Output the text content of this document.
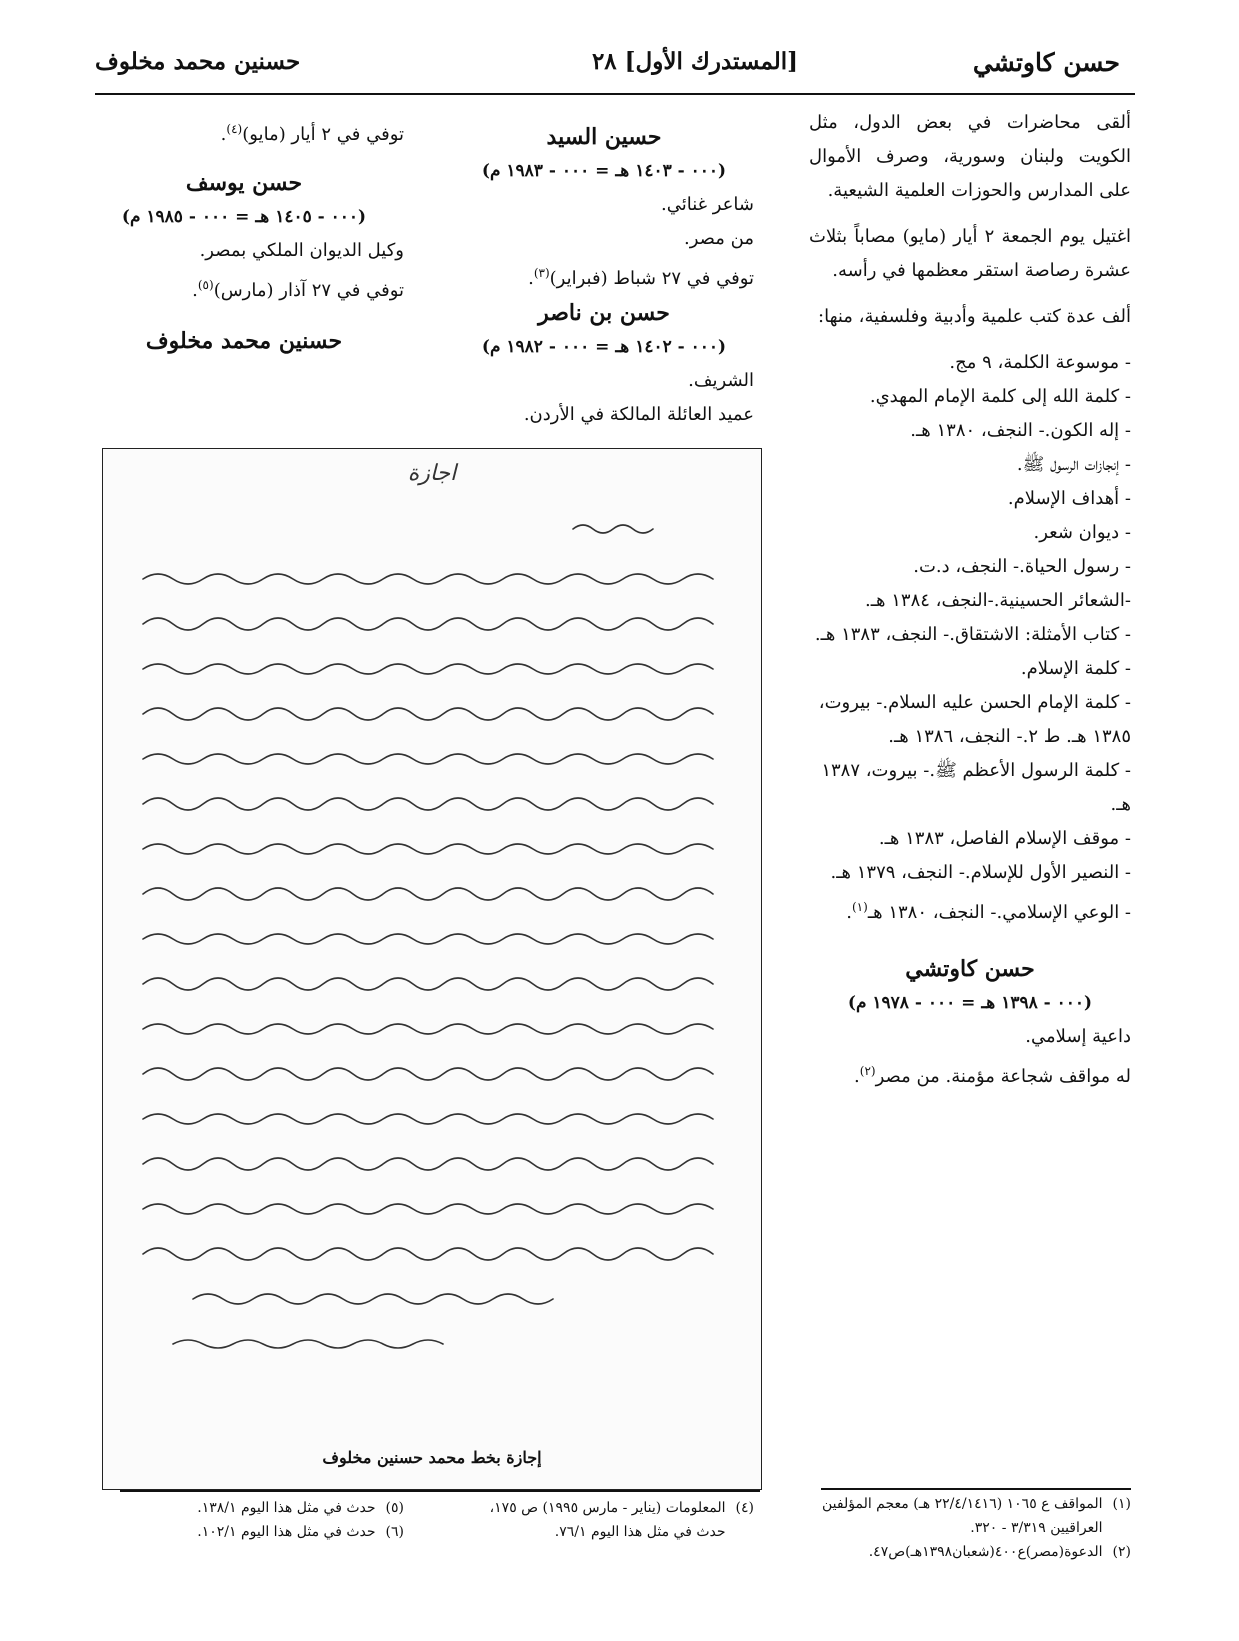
حسن كاوتشي
[المستدرك الأول] ٢٨
حسنين محمد مخلوف

ألقى محاضرات في بعض الدول، مثل الكويت ولبنان وسورية، وصرف الأموال على المدارس والحوزات العلمية الشيعية.

اغتيل يوم الجمعة ٢ أيار (مايو) مصاباً بثلاث عشرة رصاصة استقر معظمها في رأسه.

ألف عدة كتب علمية وأدبية وفلسفية، منها:

- موسوعة الكلمة، ٩ مج.

- كلمة الله إلى كلمة الإمام المهدي.

- إله الكون.- النجف، ١٣٨٠ هـ.

- إنجازات الرسول ﷺ.

- أهداف الإسلام.

- ديوان شعر.

- رسول الحياة.- النجف، د.ت.

-الشعائر الحسينية.-النجف، ١٣٨٤ هـ.

- كتاب الأمثلة: الاشتقاق.- النجف، ١٣٨٣ هـ.

- كلمة الإسلام.

- كلمة الإمام الحسن عليه السلام.- بيروت، ١٣٨٥ هـ. ط ٢.- النجف، ١٣٨٦ هـ.

- كلمة الرسول الأعظم ﷺ.- بيروت، ١٣٨٧ هـ.

- موقف الإسلام الفاصل، ١٣٨٣ هـ.

- النصير الأول للإسلام.- النجف، ١٣٧٩ هـ.

- الوعي الإسلامي.- النجف، ١٣٨٠ هـ$^{(١)}$.

حسن كاوتشي

(٠٠٠ - ١٣٩٨ هـ = ٠٠٠ - ١٩٧٨ م)

داعية إسلامي.

له مواقف شجاعة مؤمنة. من مصر$^{(٢)}$.

حسين السيد

(٠٠٠ - ١٤٠٣ هـ = ٠٠٠ - ١٩٨٣ م)

شاعر غنائي.

من مصر.

توفي في ٢٧ شباط (فبراير)$^{(٣)}$.

حسن بن ناصر

(٠٠٠ - ١٤٠٢ هـ = ٠٠٠ - ١٩٨٢ م)

الشريف.

عميد العائلة المالكة في الأردن.

توفي في ٢ أيار (مايو)$^{(٤)}$.

حسن يوسف

(٠٠٠ - ١٤٠٥ هـ = ٠٠٠ - ١٩٨٥ م)

وكيل الديوان الملكي بمصر.

توفي في ٢٧ آذار (مارس)$^{(٥)}$.

حسنين محمد مخلوف

اجازة
إجازة بخط محمد حسنين مخلوف
(١)
المواقف ع ١٠٦٥ (٢٢/٤/١٤١٦ هـ) معجم المؤلفين العراقيين ٣/٣١٩ - ٣٢٠.
(٢)
الدعوة(مصر)ع٤٠٠(شعبان١٣٩٨هـ)ص٤٧.
(٤)
المعلومات (يناير - مارس ١٩٩٥) ص ١٧٥، حدث في مثل هذا اليوم ٧٦/١.
(٥)
حدث في مثل هذا اليوم ١٣٨/١.
(٦)
حدث في مثل هذا اليوم ١٠٢/١.
